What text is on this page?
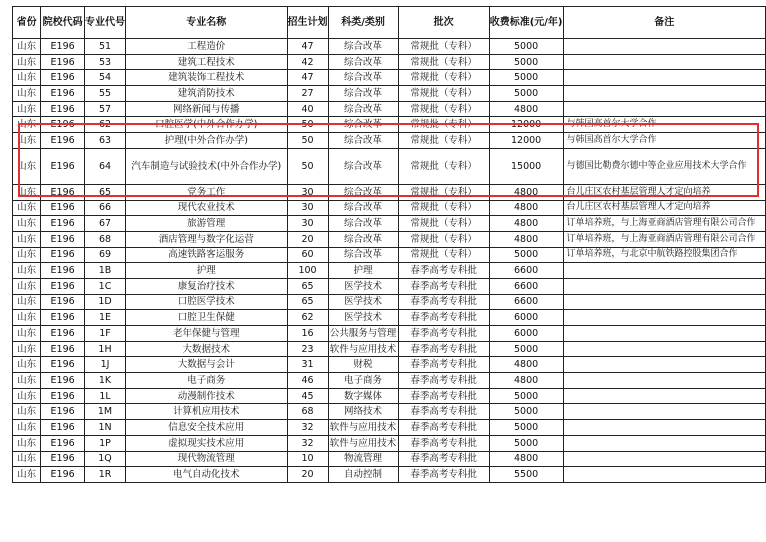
省份	院校代码	专业代号	专业名称	招生计划	科类/类别	批次	收费标准(元/年)	备注
山东	E196	51	工程造价	47	综合改革	常规批（专科）	5000	
山东	E196	53	建筑工程技术	42	综合改革	常规批（专科）	5000	
山东	E196	54	建筑装饰工程技术	47	综合改革	常规批（专科）	5000	
山东	E196	55	建筑消防技术	27	综合改革	常规批（专科）	5000	
山东	E196	57	网络新闻与传播	40	综合改革	常规批（专科）	4800	
山东	E196	62	口腔医学(中外合作办学)	50	综合改革	常规批（专科）	12000	与韩国高首尔大学合作
山东	E196	63	护理(中外合作办学)	50	综合改革	常规批（专科）	12000	与韩国高首尔大学合作
山东	E196	64	汽车制造与试验技术(中外合作办学)	50	综合改革	常规批（专科）	15000	与德国比勒费尔德中等企业应用技术大学合作
山东	E196	65	党务工作	30	综合改革	常规批（专科）	4800	台儿庄区农村基层管理人才定向培养
山东	E196	66	现代农业技术	30	综合改革	常规批（专科）	4800	台儿庄区农村基层管理人才定向培养
山东	E196	67	旅游管理	30	综合改革	常规批（专科）	4800	订单培养班，与上海亚商酒店管理有限公司合作
山东	E196	68	酒店管理与数字化运营	20	综合改革	常规批（专科）	4800	订单培养班，与上海亚商酒店管理有限公司合作
山东	E196	69	高速铁路客运服务	60	综合改革	常规批（专科）	5000	订单培养班，与北京中航铁路控股集团合作
山东	E196	1B	护理	100	护理	春季高考专科批	6600	
山东	E196	1C	康复治疗技术	65	医学技术	春季高考专科批	6600	
山东	E196	1D	口腔医学技术	65	医学技术	春季高考专科批	6600	
山东	E196	1E	口腔卫生保健	62	医学技术	春季高考专科批	6000	
山东	E196	1F	老年保健与管理	16	公共服务与管理	春季高考专科批	6000	
山东	E196	1H	大数据技术	23	软件与应用技术	春季高考专科批	5000	
山东	E196	1J	大数据与会计	31	财税	春季高考专科批	4800	
山东	E196	1K	电子商务	46	电子商务	春季高考专科批	4800	
山东	E196	1L	动漫制作技术	45	数字媒体	春季高考专科批	5000	
山东	E196	1M	计算机应用技术	68	网络技术	春季高考专科批	5000	
山东	E196	1N	信息安全技术应用	32	软件与应用技术	春季高考专科批	5000	
山东	E196	1P	虚拟现实技术应用	32	软件与应用技术	春季高考专科批	5000	
山东	E196	1Q	现代物流管理	10	物流管理	春季高考专科批	4800	
山东	E196	1R	电气自动化技术	20	自动控制	春季高考专科批	5500	
